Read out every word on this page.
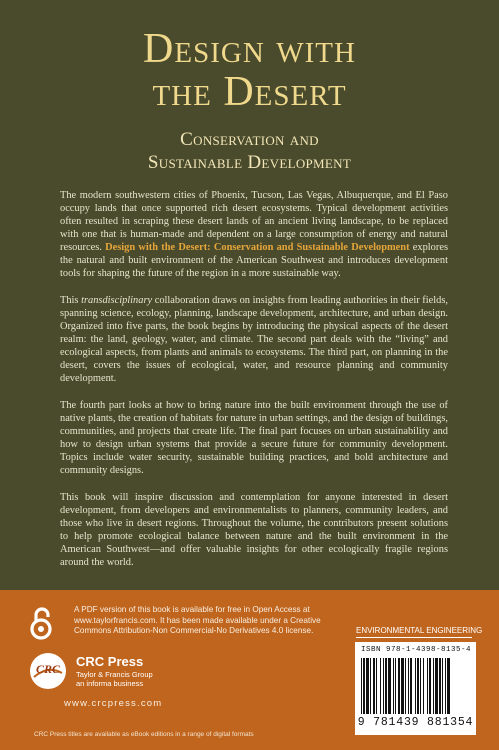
Design with
the Desert
Conservation and
Sustainable Development

The modern southwestern cities of Phoenix, Tucson, Las Vegas, Albuquerque, and El Paso occupy lands that once supported rich desert ecosystems. Typical development activities often resulted in scraping these desert lands of an ancient living landscape, to be replaced with one that is human-made and dependent on a large consumption of energy and natural resources. Design with the Desert: Conservation and Sustainable Development explores the natural and built environment of the American Southwest and introduces development tools for shaping the future of the region in a more sustainable way.

This transdisciplinary collaboration draws on insights from leading authorities in their fields, spanning science, ecology, planning, landscape development, architecture, and urban design. Organized into five parts, the book begins by introducing the physical aspects of the desert realm: the land, geology, water, and climate. The second part deals with the “living” and ecological aspects, from plants and animals to ecosystems. The third part, on planning in the desert, covers the issues of ecological, water, and resource planning and community development.

The fourth part looks at how to bring nature into the built environment through the use of native plants, the creation of habitats for nature in urban settings, and the design of buildings, communities, and projects that create life. The final part focuses on urban sustainability and how to design urban systems that provide a secure future for community development. Topics include water security, sustainable building practices, and bold architecture and community designs.

This book will inspire discussion and contemplation for anyone interested in desert development, from developers and environmentalists to planners, community leaders, and those who live in desert regions. Throughout the volume, the contributors present solutions to help promote ecological balance between nature and the built environment in the American Southwest—and offer valuable insights for other ecologically fragile regions around the world.

A PDF version of this book is available for free in Open Access at www.taylorfrancis.com. It has been made available under a Creative Commons Attribution-Non Commercial-No Derivatives 4.0 license.
CRC CRC Press
Taylor & Francis Group
an informa business
www.crcpress.com
CRC Press titles are available as eBook editions in a range of digital formats
ENVIRONMENTAL ENGINEERING
ISBN 978-1-4398-8135-4
9 781439 881354
